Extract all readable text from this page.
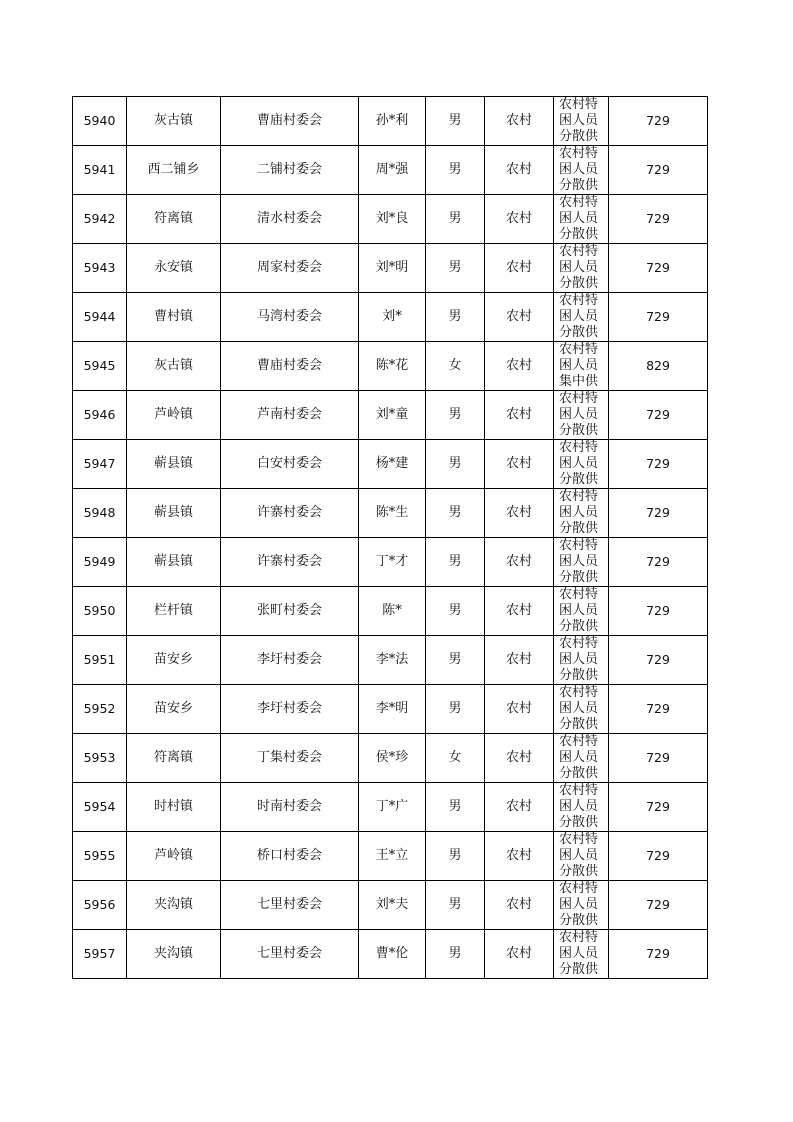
5940	灰古镇	曹庙村委会	孙*利	男	农村	农村特困人员分散供	729
5941	西二铺乡	二铺村委会	周*强	男	农村	农村特困人员分散供	729
5942	符离镇	清水村委会	刘*良	男	农村	农村特困人员分散供	729
5943	永安镇	周家村委会	刘*明	男	农村	农村特困人员分散供	729
5944	曹村镇	马湾村委会	刘*	男	农村	农村特困人员分散供	729
5945	灰古镇	曹庙村委会	陈*花	女	农村	农村特困人员集中供	829
5946	芦岭镇	芦南村委会	刘*童	男	农村	农村特困人员分散供	729
5947	蕲县镇	白安村委会	杨*建	男	农村	农村特困人员分散供	729
5948	蕲县镇	许寨村委会	陈*生	男	农村	农村特困人员分散供	729
5949	蕲县镇	许寨村委会	丁*才	男	农村	农村特困人员分散供	729
5950	栏杆镇	张町村委会	陈*	男	农村	农村特困人员分散供	729
5951	苗安乡	李圩村委会	李*法	男	农村	农村特困人员分散供	729
5952	苗安乡	李圩村委会	李*明	男	农村	农村特困人员分散供	729
5953	符离镇	丁集村委会	侯*珍	女	农村	农村特困人员分散供	729
5954	时村镇	时南村委会	丁*广	男	农村	农村特困人员分散供	729
5955	芦岭镇	桥口村委会	王*立	男	农村	农村特困人员分散供	729
5956	夹沟镇	七里村委会	刘*夫	男	农村	农村特困人员分散供	729
5957	夹沟镇	七里村委会	曹*伦	男	农村	农村特困人员分散供	729
